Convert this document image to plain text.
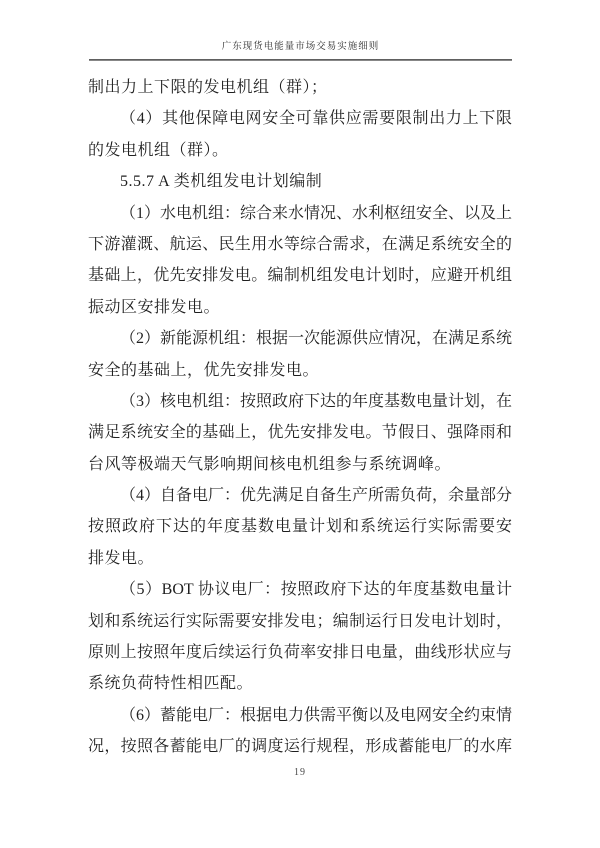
广东现货电能量市场交易实施细则
制出力上下限的发电机组（群）；
（4）其他保障电网安全可靠供应需要限制出力上下限
的发电机组（群）。
5.5.7 A 类机组发电计划编制
（1）水电机组：综合来水情况、水利枢纽安全、以及上
下游灌溉、航运、民生用水等综合需求，在满足系统安全的
基础上，优先安排发电。编制机组发电计划时，应避开机组
振动区安排发电。
（2）新能源机组：根据一次能源供应情况，在满足系统
安全的基础上，优先安排发电。
（3）核电机组：按照政府下达的年度基数电量计划，在
满足系统安全的基础上，优先安排发电。节假日、强降雨和
台风等极端天气影响期间核电机组参与系统调峰。
（4）自备电厂：优先满足自备生产所需负荷，余量部分
按照政府下达的年度基数电量计划和系统运行实际需要安
排发电。
（5）BOT 协议电厂：按照政府下达的年度基数电量计
划和系统运行实际需要安排发电；编制运行日发电计划时，
原则上按照年度后续运行负荷率安排日电量，曲线形状应与
系统负荷特性相匹配。
（6）蓄能电厂：根据电力供需平衡以及电网安全约束情
况，按照各蓄能电厂的调度运行规程，形成蓄能电厂的水库
19
